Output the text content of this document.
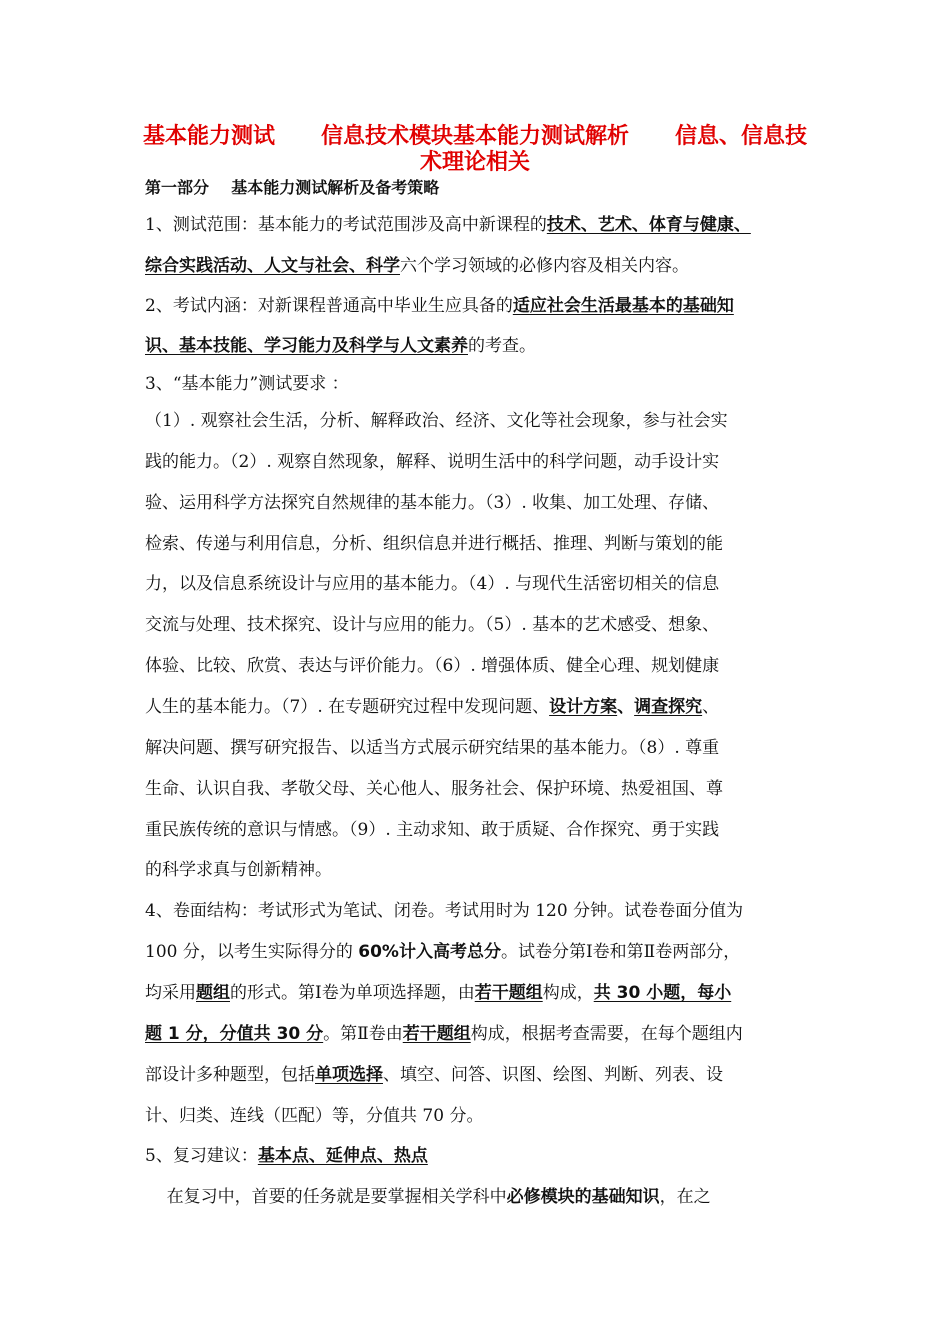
基本能力测试      信息技术模块基本能力测试解析      信息、信息技
术理论相关
第一部分    基本能力测试解析及备考策略
1、测试范围：基本能力的考试范围涉及高中新课程的技术、艺术、体育与健康、
综合实践活动、人文与社会、科学六个学习领域的必修内容及相关内容。
2、考试内涵：对新课程普通高中毕业生应具备的适应社会生活最基本的基础知
识、基本技能、学习能力及科学与人文素养的考查。
3、“基本能力”测试要求 ：
（1）. 观察社会生活，分析、解释政治、经济、文化等社会现象，参与社会实
践的能力。（2）. 观察自然现象，解释、说明生活中的科学问题，动手设计实
验、运用科学方法探究自然规律的基本能力。（3）. 收集、加工处理、存储、
检索、传递与利用信息，分析、组织信息并进行概括、推理、判断与策划的能
力，以及信息系统设计与应用的基本能力。（4）. 与现代生活密切相关的信息
交流与处理、技术探究、设计与应用的能力。（5）. 基本的艺术感受、想象、
体验、比较、欣赏、表达与评价能力。（6）. 增强体质、健全心理、规划健康
人生的基本能力。（7）. 在专题研究过程中发现问题、设计方案、调查探究、
解决问题、撰写研究报告、以适当方式展示研究结果的基本能力。（8）. 尊重
生命、认识自我、孝敬父母、关心他人、服务社会、保护环境、热爱祖国、尊
重民族传统的意识与情感。（9）. 主动求知、敢于质疑、合作探究、勇于实践
的科学求真与创新精神。
4、卷面结构：考试形式为笔试、闭卷。考试用时为 120 分钟。试卷卷面分值为
100 分，以考生实际得分的 60%计入高考总分。试卷分第Ⅰ卷和第Ⅱ卷两部分，
均采用题组的形式。第Ⅰ卷为单项选择题，由若干题组构成，共 30 小题，每小
题 1 分，分值共 30 分。第Ⅱ卷由若干题组构成，根据考查需要，在每个题组内
部设计多种题型，包括单项选择、填空、问答、识图、绘图、判断、列表、设
计、归类、连线（匹配）等，分值共 70 分。
5、复习建议：基本点、延伸点、热点
在复习中，首要的任务就是要掌握相关学科中必修模块的基础知识，在之
